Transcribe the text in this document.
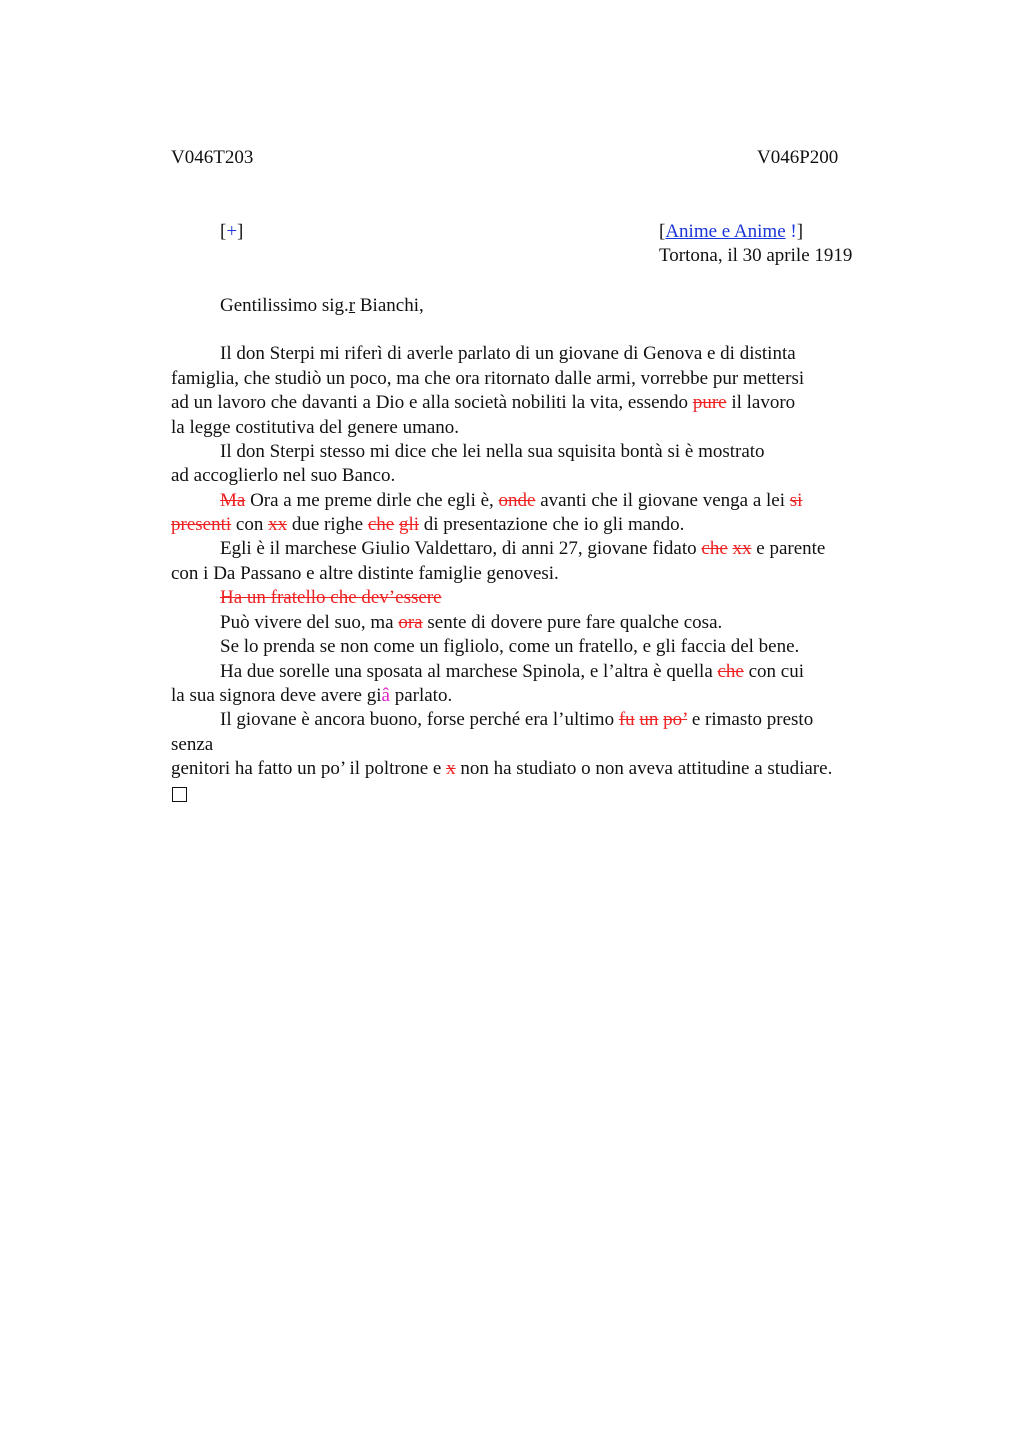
V046T203	V046P200
[+]	[Anime e Anime !]
Tortona, il 30 aprile 1919
Gentilissimo sig.r Bianchi,
Il don Sterpi mi riferì di averle parlato di un giovane di Genova e di distinta
famiglia, che studiò un poco, ma che ora ritornato dalle armi, vorrebbe pur mettersi
ad un lavoro che davanti a Dio e alla società nobiliti la vita, essendo pure il lavoro
la legge costitutiva del genere umano.
Il don Sterpi stesso mi dice che lei nella sua squisita bontà si è mostrato
ad accoglierlo nel suo Banco.
Ma Ora a me preme dirle che egli è, onde avanti che il giovane venga a lei si
presenti con xx due righe che gli di presentazione che io gli mando.
Egli è il marchese Giulio Valdettaro, di anni 27, giovane fidato che xx e parente
con i Da Passano e altre distinte famiglie genovesi.
Ha un fratello che dev’essere
Può vivere del suo, ma ora sente di dovere pure fare qualche cosa.
Se lo prenda se non come un figliolo, come un fratello, e gli faccia del bene.
Ha due sorelle una sposata al marchese Spinola, e l’altra è quella che con cui
la sua signora deve avere giâ parlato.
Il giovane è ancora buono, forse perché era l’ultimo fu un po’ e rimasto presto
senza
genitori ha fatto un po’ il poltrone e x non ha studiato o non aveva attitudine a studiare.
